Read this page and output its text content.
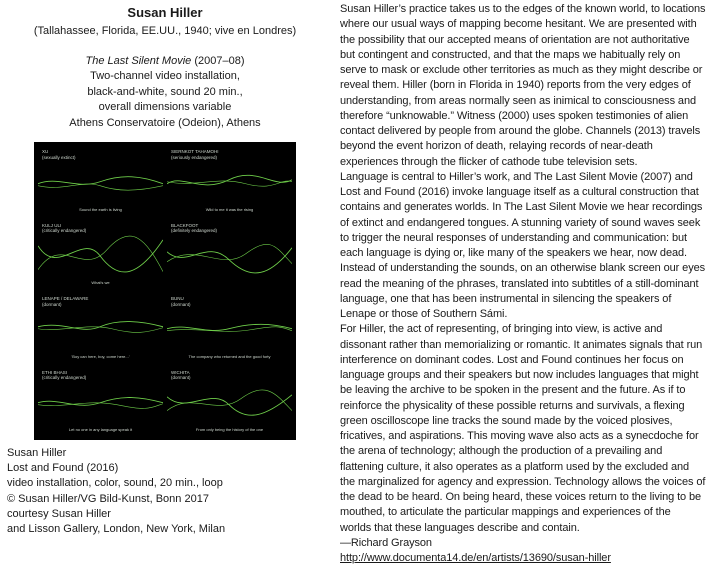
Susan Hiller
(Tallahassee, Florida, EE.UU., 1940; vive en Londres)
The Last Silent Movie (2007–08)
Two-channel video installation,
black-and-white, sound 20 min.,
overall dimensions variable
Athens Conservatoire (Odeion), Athens
XU
(sexually extinct)
Sound the earth is living
SIERNKOT TAHAMOHI
(seriously endangered)
Wild to me it was the rising
KULJ ULI
(critically endangered)
What's we
BLACKFOOT
(definitely endangered)
LENAPE / DELAWARE
(dormant)
'Boy can here, boy, come here...'
BUNU
(dormant)
The company who returned and the good forty
ETHI BHASI
(critically endangered)
Let no one in any language speak it
WICHITA
(dormant)
From only being the history of the one
Susan Hiller
Lost and Found (2016)
video installation, color, sound, 20 min., loop
© Susan Hiller/VG Bild-Kunst, Bonn 2017
courtesy Susan Hiller
and Lisson Gallery, London, New York, Milan
Susan Hiller’s practice takes us to the edges of the known world, to locations
where our usual ways of mapping become hesitant. We are presented with
the possibility that our accepted means of orientation are not authoritative
but contingent and constructed, and that the maps we habitually rely on
serve to mask or exclude other territories as much as they might describe or
reveal them. Hiller (born in Florida in 1940) reports from the very edges of
understanding, from areas normally seen as inimical to consciousness and
therefore “unknowable.” Witness (2000) uses spoken testimonies of alien
contact delivered by people from around the globe. Channels (2013) travels
beyond the event horizon of death, relaying records of near-death
experiences through the flicker of cathode tube television sets.
Language is central to Hiller’s work, and The Last Silent Movie (2007) and
Lost and Found (2016) invoke language itself as a cultural construction that
contains and generates worlds. In The Last Silent Movie we hear recordings
of extinct and endangered tongues. A stunning variety of sound waves seek
to trigger the neural responses of understanding and communication: but
each language is dying or, like many of the speakers we hear, now dead.
Instead of understanding the sounds, on an otherwise blank screen our eyes
read the meaning of the phrases, translated into subtitles of a still-dominant
language, one that has been instrumental in silencing the speakers of
Lenape or those of Southern Sámi.
For Hiller, the act of representing, of bringing into view, is active and
dissonant rather than memorializing or romantic. It animates signals that run
interference on dominant codes. Lost and Found continues her focus on
language groups and their speakers but now includes languages that might
be leaving the archive to be spoken in the present and the future. As if to
reinforce the physicality of these possible returns and survivals, a flexing
green oscilloscope line tracks the sound made by the voiced plosives,
fricatives, and aspirations. This moving wave also acts as a synecdoche for
the arena of technology; although the production of a prevailing and
flattening culture, it also operates as a platform used by the excluded and
the marginalized for agency and expression. Technology allows the voices of
the dead to be heard. On being heard, these voices return to the living to be
mouthed, to articulate the particular mappings and experiences of the
worlds that these languages describe and contain.
—Richard Grayson
http://www.documenta14.de/en/artists/13690/susan-hiller
